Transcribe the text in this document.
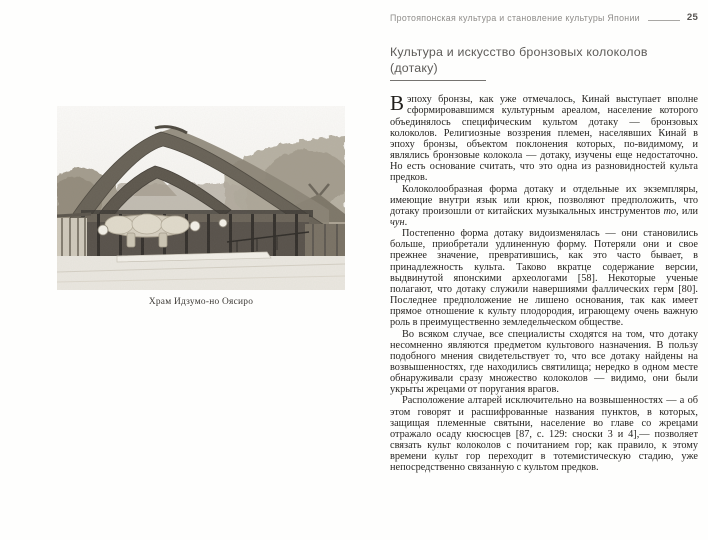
Храм Идзумо-но Оясиро
Протояпонская культура и становление культуры Японии	25
Культура и искусство бронзовых колоколов
(дотаку)

Вэпоху бронзы, как уже отмечалось, Кинай выступает вполне сформировавшимся культурным ареалом, население которого объединялось специфическим культом дотаку — бронзовых колоколов. Религиозные воззрения племен, населявших Кинай в эпоху бронзы, объектом поклонения которых, по-видимому, и являлись бронзовые колокола — дотаку, изучены еще недостаточно. Но есть основание считать, что это одна из разновидностей культа предков.

Колоколообразная форма дотаку и отдельные их экземпляры, имеющие внутри язык или крюк, позволяют предположить, что дотаку произошли от китайских музыкальных инструментов то, или чун.

Постепенно форма дотаку видоизменялась — они становились больше, приобретали удлиненную форму. Потеряли они и свое прежнее значение, превратившись, как это часто бывает, в принадлежность культа. Таково вкратце содержание версии, выдвинутой японскими археологами [58]. Некоторые ученые полагают, что дотаку служили навершиями фаллических герм [80]. Последнее предположение не лишено основания, так как имеет прямое отношение к культу плодородия, играющему очень важную роль в преимущественно земледельческом обществе.

Во всяком случае, все специалисты сходятся на том, что дотаку несомненно являются предметом культового назначения. В пользу подобного мнения свидетельствует то, что все дотаку найдены на возвышенностях, где находились святилища; нередко в одном месте обнаруживали сразу множество колоколов — видимо, они были укрыты жрецами от поругания врагов.

Расположение алтарей исключительно на возвышенностях — а об этом говорят и расшифрованные названия пунктов, в которых, защищая племенные святыни, население во главе со жрецами отражало осаду кюсюсцев [87, с. 129: сноски 3 и 4],— позволяет связать культ колоколов с почитанием гор; как правило, к этому времени культ гор переходит в тотемистическую стадию, уже непосредственно связанную с культом предков.
